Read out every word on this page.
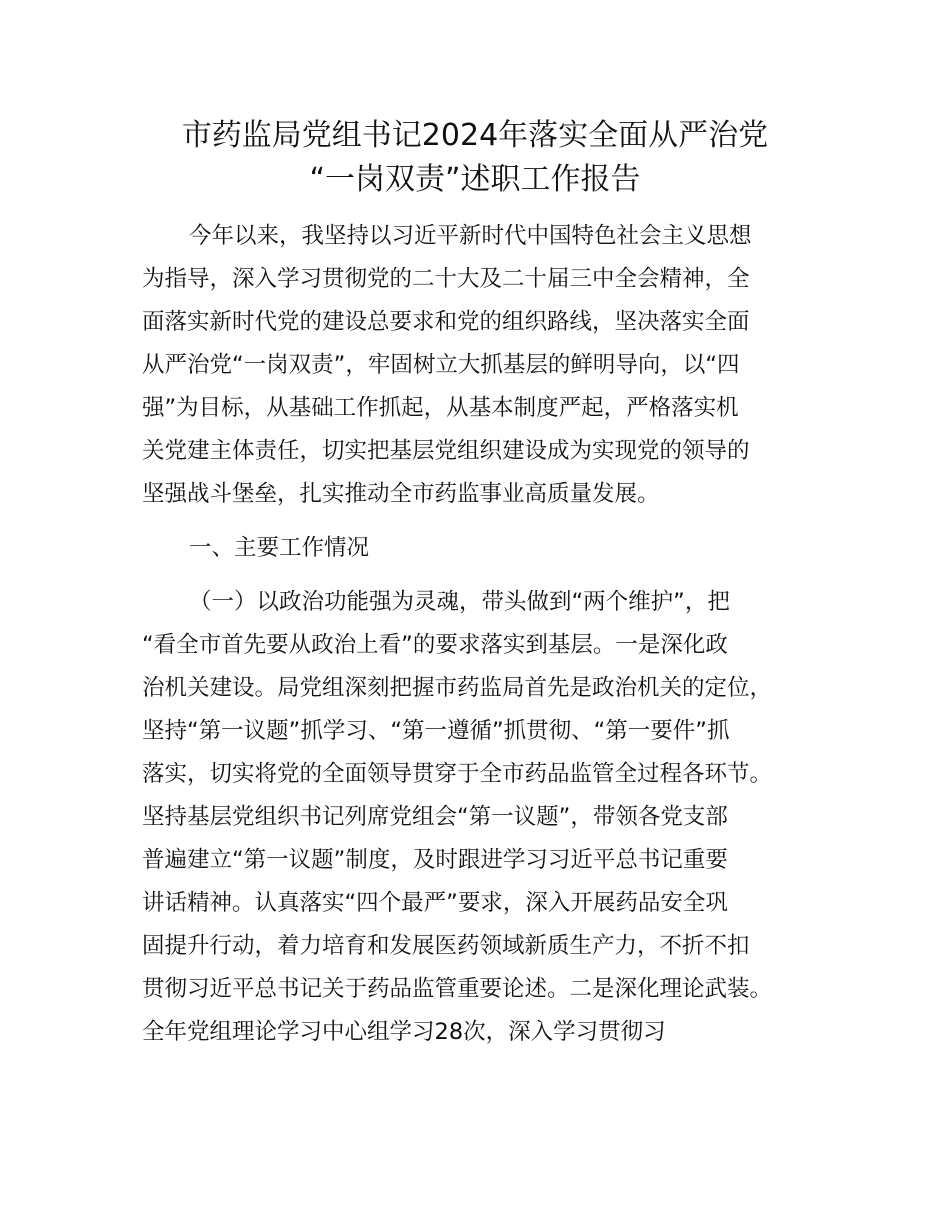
市药监局党组书记2024年落实全面从严治党
“一岗双责”述职工作报告

今年以来，我坚持以习近平新时代中国特色社会主义思想

为指导，深入学习贯彻党的二十大及二十届三中全会精神，全

面落实新时代党的建设总要求和党的组织路线，坚决落实全面

从严治党“一岗双责”，牢固树立大抓基层的鲜明导向，以“四

强”为目标，从基础工作抓起，从基本制度严起，严格落实机

关党建主体责任，切实把基层党组织建设成为实现党的领导的

坚强战斗堡垒，扎实推动全市药监事业高质量发展。

一、主要工作情况

（一）以政治功能强为灵魂，带头做到“两个维护”，把

“看全市首先要从政治上看”的要求落实到基层。一是深化政

治机关建设。局党组深刻把握市药监局首先是政治机关的定位，

坚持“第一议题”抓学习、“第一遵循”抓贯彻、“第一要件”抓

落实，切实将党的全面领导贯穿于全市药品监管全过程各环节。

坚持基层党组织书记列席党组会“第一议题”，带领各党支部

普遍建立“第一议题”制度，及时跟进学习习近平总书记重要

讲话精神。认真落实“四个最严”要求，深入开展药品安全巩

固提升行动，着力培育和发展医药领域新质生产力，不折不扣

贯彻习近平总书记关于药品监管重要论述。二是深化理论武装。

全年党组理论学习中心组学习28次，深入学习贯彻习
